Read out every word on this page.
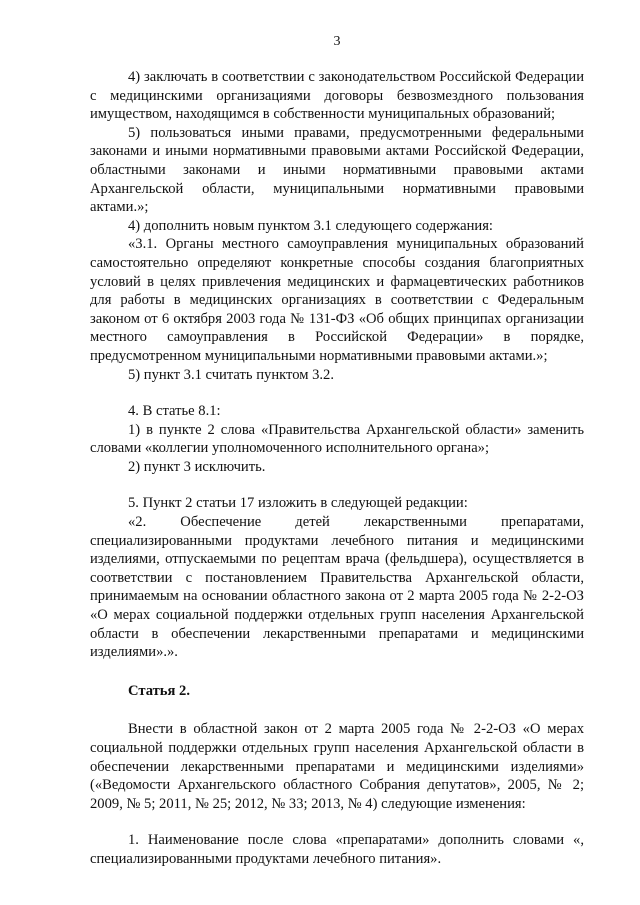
3

4) заключать в соответствии с законодательством Российской Федерации с медицинскими организациями договоры безвозмездного пользования имуществом, находящимся в собственности муниципальных образований;

5) пользоваться иными правами, предусмотренными федеральными законами и иными нормативными правовыми актами Российской Федерации, областными законами и иными нормативными правовыми актами Архангельской области, муниципальными нормативными правовыми актами.»;

4) дополнить новым пунктом 3.1 следующего содержания:

«3.1. Органы местного самоуправления муниципальных образований самостоятельно определяют конкретные способы создания благоприятных условий в целях привлечения медицинских и фармацевтических работников для работы в медицинских организациях в соответствии с Федеральным законом от 6 октября 2003 года № 131-ФЗ «Об общих принципах организации местного самоуправления в Российской Федерации» в порядке, предусмотренном муниципальными нормативными правовыми актами.»;

5) пункт 3.1 считать пунктом 3.2.

4. В статье 8.1:

1) в пункте 2 слова «Правительства Архангельской области» заменить словами «коллегии уполномоченного исполнительного органа»;

2) пункт 3 исключить.

5. Пункт 2 статьи 17 изложить в следующей редакции:

«2. Обеспечение детей лекарственными препаратами, специализированными продуктами лечебного питания и медицинскими изделиями, отпускаемыми по рецептам врача (фельдшера), осуществляется в соответствии с постановлением Правительства Архангельской области, принимаемым на основании областного закона от 2 марта 2005 года № 2-2-ОЗ «О мерах социальной поддержки отдельных групп населения Архангельской области в обеспечении лекарственными препаратами и медицинскими изделиями».».

Статья 2.

Внести в областной закон от 2 марта 2005 года № 2-2-ОЗ «О мерах социальной поддержки отдельных групп населения Архангельской области в обеспечении лекарственными препаратами и медицинскими изделиями» («Ведомости Архангельского областного Собрания депутатов», 2005, № 2; 2009, № 5; 2011, № 25; 2012, № 33; 2013, № 4) следующие изменения:

1. Наименование после слова «препаратами» дополнить словами «, специализированными продуктами лечебного питания».
